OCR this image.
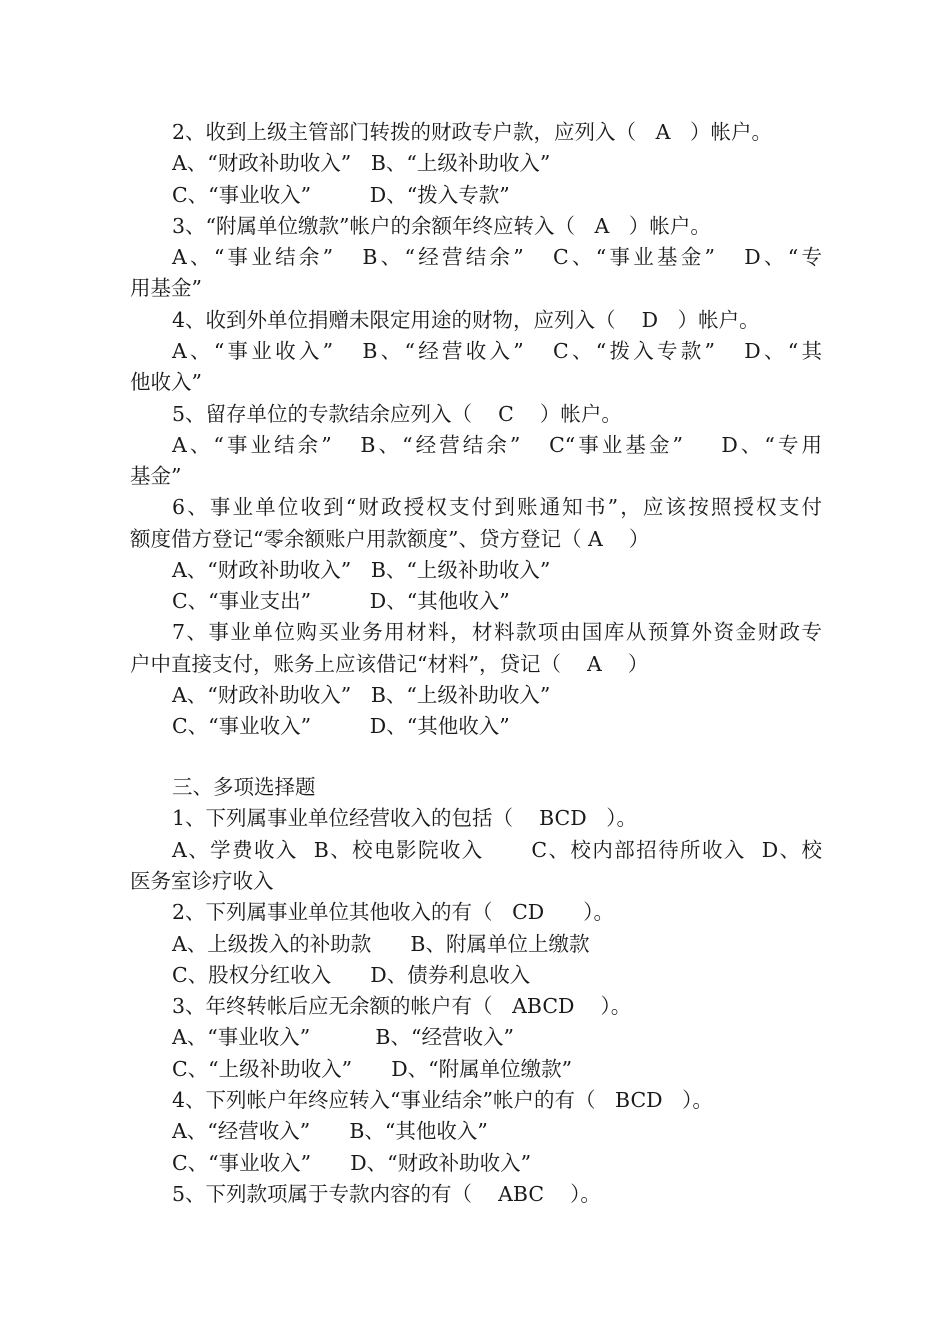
2、收到上级主管部门转拨的财政专户款，应列入（   A   ）帐户。
A、“财政补助收入”   B、“上级补助收入”
C、“事业收入”         D、“拨入专款”
3、“附属单位缴款”帐户的余额年终应转入（   A   ）帐户。
A、“事业结余”   B、“经营结余”   C、“事业基金”   D、“专
用基金”
4、收到外单位捐赠未限定用途的财物，应列入（    D   ）帐户。
A、“事业收入”   B、“经营收入”   C、“拨入专款”   D、“其
他收入”
5、留存单位的专款结余应列入（    C    ）帐户。
A、“事业结余”   B、“经营结余”   C“事业基金”    D、“专用
基金”
6、事业单位收到“财政授权支付到账通知书”，应该按照授权支付
额度借方登记“零余额账户用款额度”、贷方登记（ A    ）
A、“财政补助收入”   B、“上级补助收入”
C、“事业支出”         D、“其他收入”
7、事业单位购买业务用材料，材料款项由国库从预算外资金财政专
户中直接支付，账务上应该借记“材料”，贷记（    A    ）
A、“财政补助收入”   B、“上级补助收入”
C、“事业收入”         D、“其他收入”
三、多项选择题
1、下列属事业单位经营收入的包括（    BCD   ）。
A、学费收入  B、校电影院收入      C、校内部招待所收入  D、校
医务室诊疗收入
2、下列属事业单位其他收入的有（   CD      ）。
A、上级拨入的补助款      B、附属单位上缴款
C、股权分红收入      D、债券利息收入
3、年终转帐后应无余额的帐户有（   ABCD    ）。
A、“事业收入”          B、“经营收入”
C、“上级补助收入”      D、“附属单位缴款”
4、下列帐户年终应转入“事业结余”帐户的有（   BCD   ）。
A、“经营收入”      B、“其他收入”
C、“事业收入”      D、“财政补助收入”
5、下列款项属于专款内容的有（    ABC    ）。
